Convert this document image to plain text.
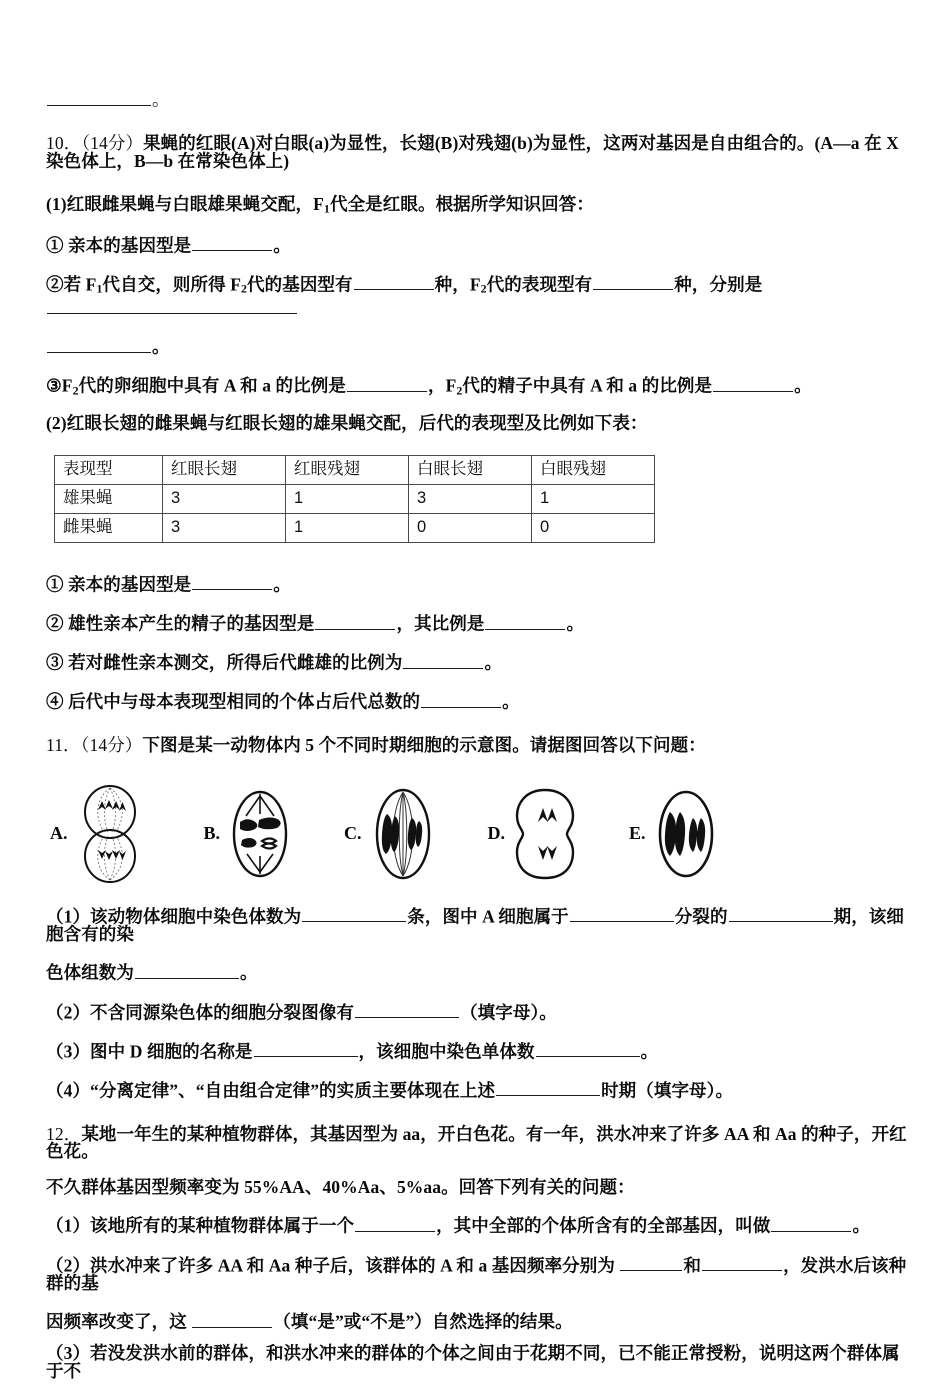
。
10．（14分）果蝇的红眼(A)对白眼(a)为显性，长翅(B)对残翅(b)为显性，这两对基因是自由组合的。(A—a 在 X 染色体上，B—b 在常染色体上)
(1)红眼雌果蝇与白眼雄果蝇交配，$F_1$代全是红眼。根据所学知识回答：
① 亲本的基因型是	。
②若 $F_1$代自交，则所得 $F_2$代的基因型有	种，$F_2$代的表现型有	种，分别是
。
$③F_2$代的卵细胞中具有 A 和 a 的比例是	，$F_2$代的精子中具有 A 和 a 的比例是	。
(2)红眼长翅的雌果蝇与红眼长翅的雄果蝇交配，后代的表现型及比例如下表：
表现型	红眼长翅	红眼残翅	白眼长翅	白眼残翅
雄果蝇	3	1	3	1
雌果蝇	3	1	0	0
① 亲本的基因型是	。
② 雄性亲本产生的精子的基因型是	，其比例是	。
③ 若对雌性亲本测交，所得后代雌雄的比例为	。
④ 后代中与母本表现型相同的个体占后代总数的	。
11．（14分）下图是某一动物体内 5 个不同时期细胞的示意图。请据图回答以下问题：
A.	B.	C.	D.	E.
（1）该动物体细胞中染色体数为	条，图中 A 细胞属于	分裂的	期，该细胞含有的染
色体组数为	。
（2）不含同源染色体的细胞分裂图像有	（填字母）。
（3）图中 D 细胞的名称是	，该细胞中染色单体数	。
（4）“分离定律”、“自由组合定律”的实质主要体现在上述	时期（填字母）。
12．某地一年生的某种植物群体，其基因型为 aa，开白色花。有一年，洪水冲来了许多 AA 和 Aa 的种子，开红色花。
不久群体基因型频率变为 55%AA、40%Aa、5%aa。回答下列有关的问题：
（1）该地所有的某种植物群体属于一个	，其中全部的个体所含有的全部基因，叫做	。
（2）洪水冲来了许多 AA 和 Aa 种子后，该群体的 A 和 a 基因频率分别为	和	，发洪水后该种群的基
因频率改变了，这	（填“是”或“不是”）自然选择的结果。
（3）若没发洪水前的群体，和洪水冲来的群体的个体之间由于花期不同，已不能正常授粉，说明这两个群体属于不
